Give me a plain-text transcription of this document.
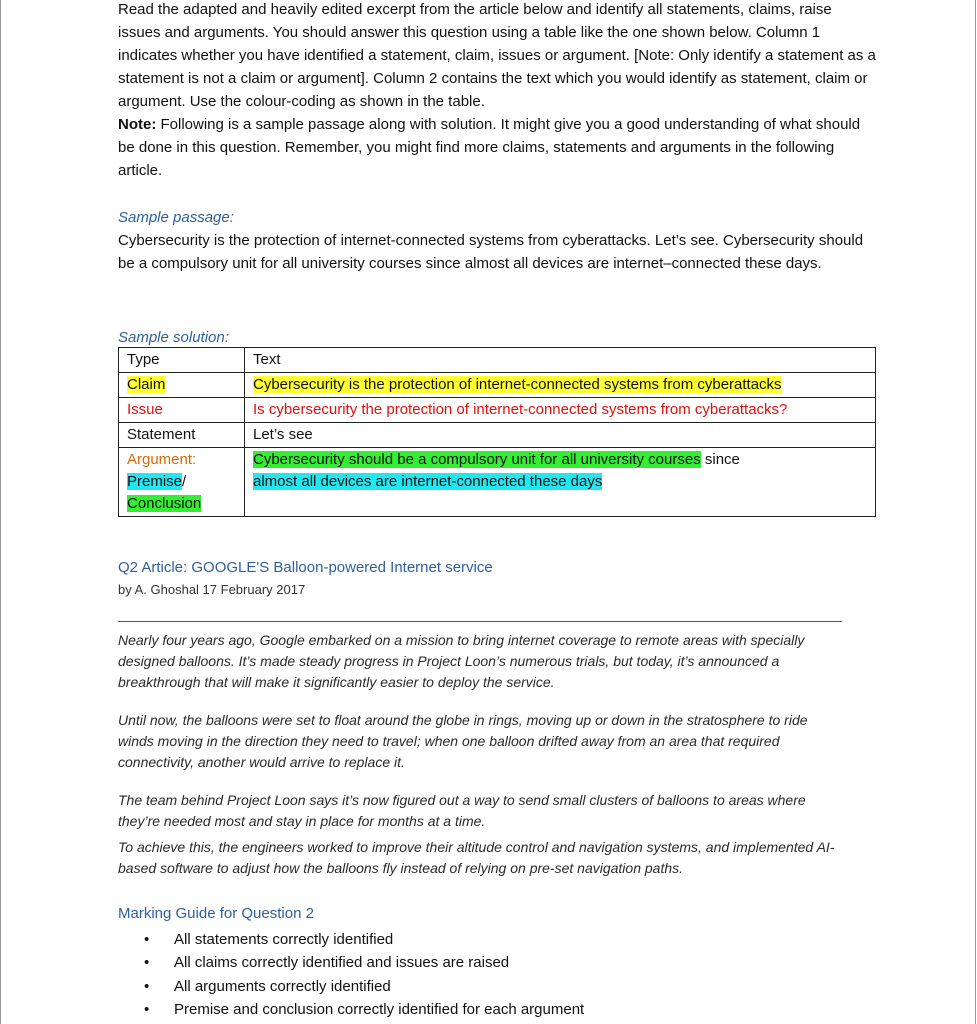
Read the adapted and heavily edited excerpt from the article below and identify all statements, claims, raise issues and arguments. You should answer this question using a table like the one shown below. Column 1 indicates whether you have identified a statement, claim, issues or argument. [Note: Only identify a statement as a statement is not a claim or argument]. Column 2 contains the text which you would identify as statement, claim or argument. Use the colour-coding as shown in the table.

Note: Following is a sample passage along with solution. It might give you a good understanding of what should be done in this question. Remember, you might find more claims, statements and arguments in the following article.

Sample passage:

Cybersecurity is the protection of internet-connected systems from cyberattacks. Let’s see. Cybersecurity should be a compulsory unit for all university courses since almost all devices are internet–connected these days.

Sample solution:

Type	Text
Claim	Cybersecurity is the protection of internet-connected systems from cyberattacks
Issue	Is cybersecurity the protection of internet-connected systems from cyberattacks?
Statement	Let’s see
Argument:
Premise/
Conclusion	Cybersecurity should be a compulsory unit for all university courses since
almost all devices are internet-connected these days
Q2 Article: GOOGLE'S Balloon-powered Internet service
by A. Ghoshal 17 February 2017

Nearly four years ago, Google embarked on a mission to bring internet coverage to remote areas with specially designed balloons. It’s made steady progress in Project Loon’s numerous trials, but today, it’s announced a breakthrough that will make it significantly easier to deploy the service.

Until now, the balloons were set to float around the globe in rings, moving up or down in the stratosphere to ride winds moving in the direction they need to travel; when one balloon drifted away from an area that required connectivity, another would arrive to replace it.

The team behind Project Loon says it’s now figured out a way to send small clusters of balloons to areas where they’re needed most and stay in place for months at a time.

To achieve this, the engineers worked to improve their altitude control and navigation systems, and implemented AI-based software to adjust how the balloons fly instead of relying on pre-set navigation paths.

Marking Guide for Question 2
• All statements correctly identified
• All claims correctly identified and issues are raised
• All arguments correctly identified
• Premise and conclusion correctly identified for each argument
